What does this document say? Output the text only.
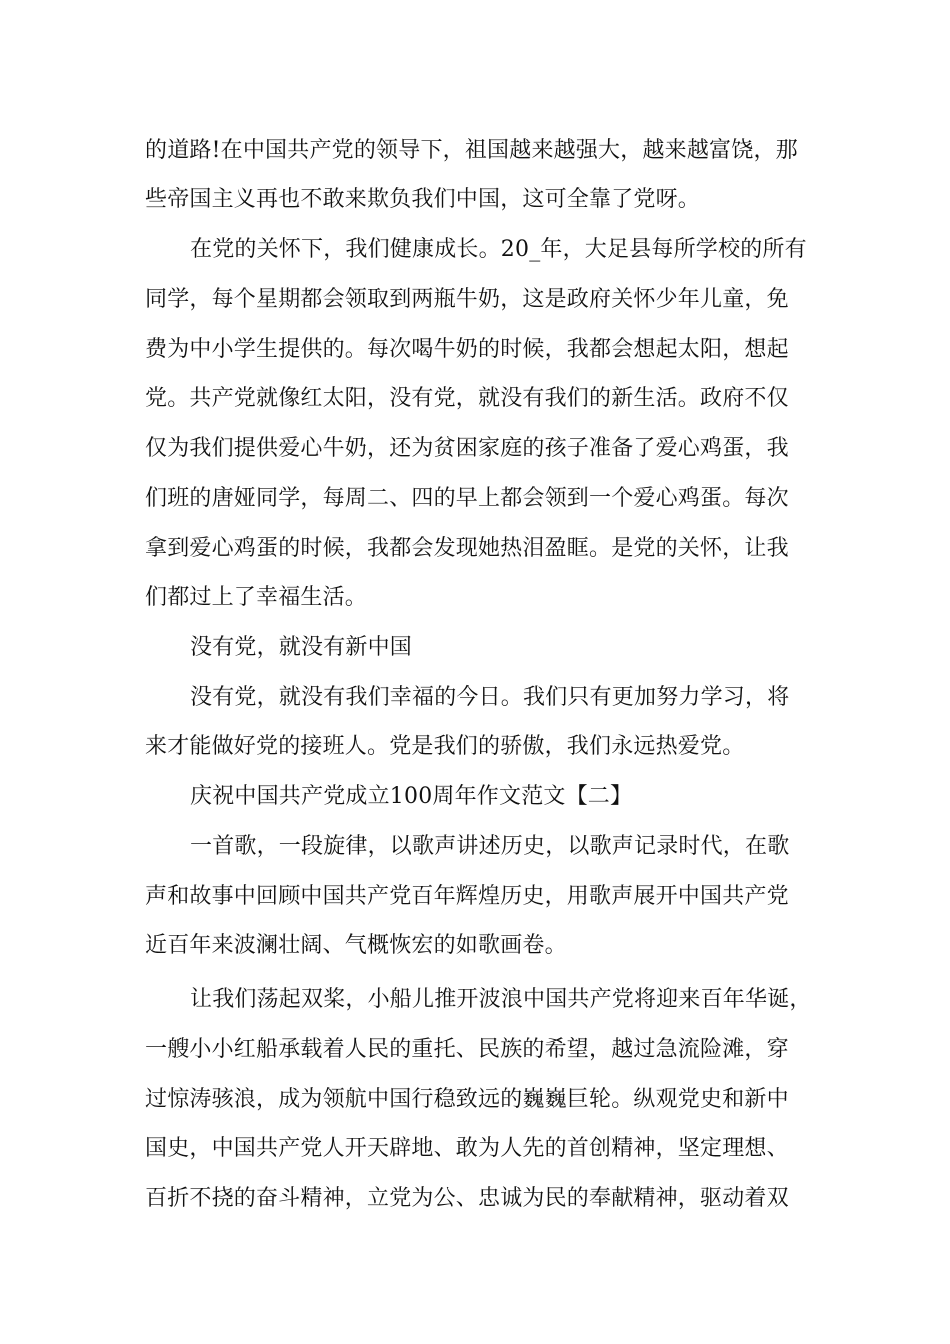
的道路!在中国共产党的领导下，祖国越来越强大，越来越富饶，那
些帝国主义再也不敢来欺负我们中国，这可全靠了党呀。
在党的关怀下，我们健康成长。20_年，大足县每所学校的所有
同学，每个星期都会领取到两瓶牛奶，这是政府关怀少年儿童，免
费为中小学生提供的。每次喝牛奶的时候，我都会想起太阳，想起
党。共产党就像红太阳，没有党，就没有我们的新生活。政府不仅
仅为我们提供爱心牛奶，还为贫困家庭的孩子准备了爱心鸡蛋，我
们班的唐娅同学，每周二、四的早上都会领到一个爱心鸡蛋。每次
拿到爱心鸡蛋的时候，我都会发现她热泪盈眶。是党的关怀，让我
们都过上了幸福生活。
没有党，就没有新中国
没有党，就没有我们幸福的今日。我们只有更加努力学习，将
来才能做好党的接班人。党是我们的骄傲，我们永远热爱党。
庆祝中国共产党成立100周年作文范文【二】
一首歌，一段旋律，以歌声讲述历史，以歌声记录时代，在歌
声和故事中回顾中国共产党百年辉煌历史，用歌声展开中国共产党
近百年来波澜壮阔、气概恢宏的如歌画卷。
让我们荡起双桨，小船儿推开波浪中国共产党将迎来百年华诞，
一艘小小红船承载着人民的重托、民族的希望，越过急流险滩，穿
过惊涛骇浪，成为领航中国行稳致远的巍巍巨轮。纵观党史和新中
国史，中国共产党人开天辟地、敢为人先的首创精神，坚定理想、
百折不挠的奋斗精神，立党为公、忠诚为民的奉献精神，驱动着双
